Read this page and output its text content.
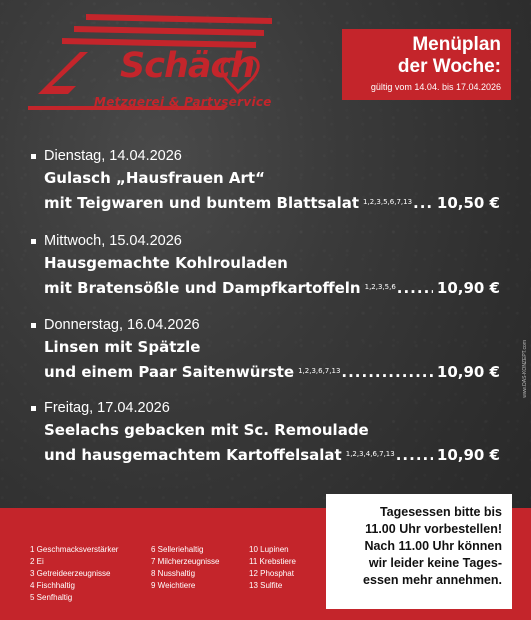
Schäch
Metzgerei & Partyservice
Menüplan
der Woche:
gültig vom 14.04. bis 17.04.2026
Dienstag, 14.04.2026
Gulasch „Hausfrauen Art“
mit Teigwaren und buntem Blattsalat $^{1,2,3,5,6,7,13}$ ..... 10,50 €
Mittwoch, 15.04.2026
Hausgemachte Kohlrouladen
mit Bratensößle und Dampfkartoffeln $^{1,2,3,5,6}$ .....	10,90 €
Donnerstag, 16.04.2026
Linsen mit Spätzle
und einem Paar Saitenwürste $^{1,2,3,6,7,13}$ .....	10,90 €
Freitag, 17.04.2026
Seelachs gebacken mit Sc. Remoulade
und hausgemachtem Kartoffelsalat $^{1,2,3,4,6,7,13}$ .....	10,90 €
www.DAS-KONZEPT.com
1 Geschmacksverstärker
2 Ei
3 Getreideerzeugnisse
4 Fischhaltig
5 Senfhaltig
6 Selleriehaltig
7 Milcherzeugnisse
8 Nusshaltig
9 Weichtiere
10 Lupinen
11 Krebstiere
12 Phosphat
13 Sulfite
Tagesessen bitte bis
11.00 Uhr vorbestellen!
Nach 11.00 Uhr können
wir leider keine Tages-
essen mehr annehmen.
